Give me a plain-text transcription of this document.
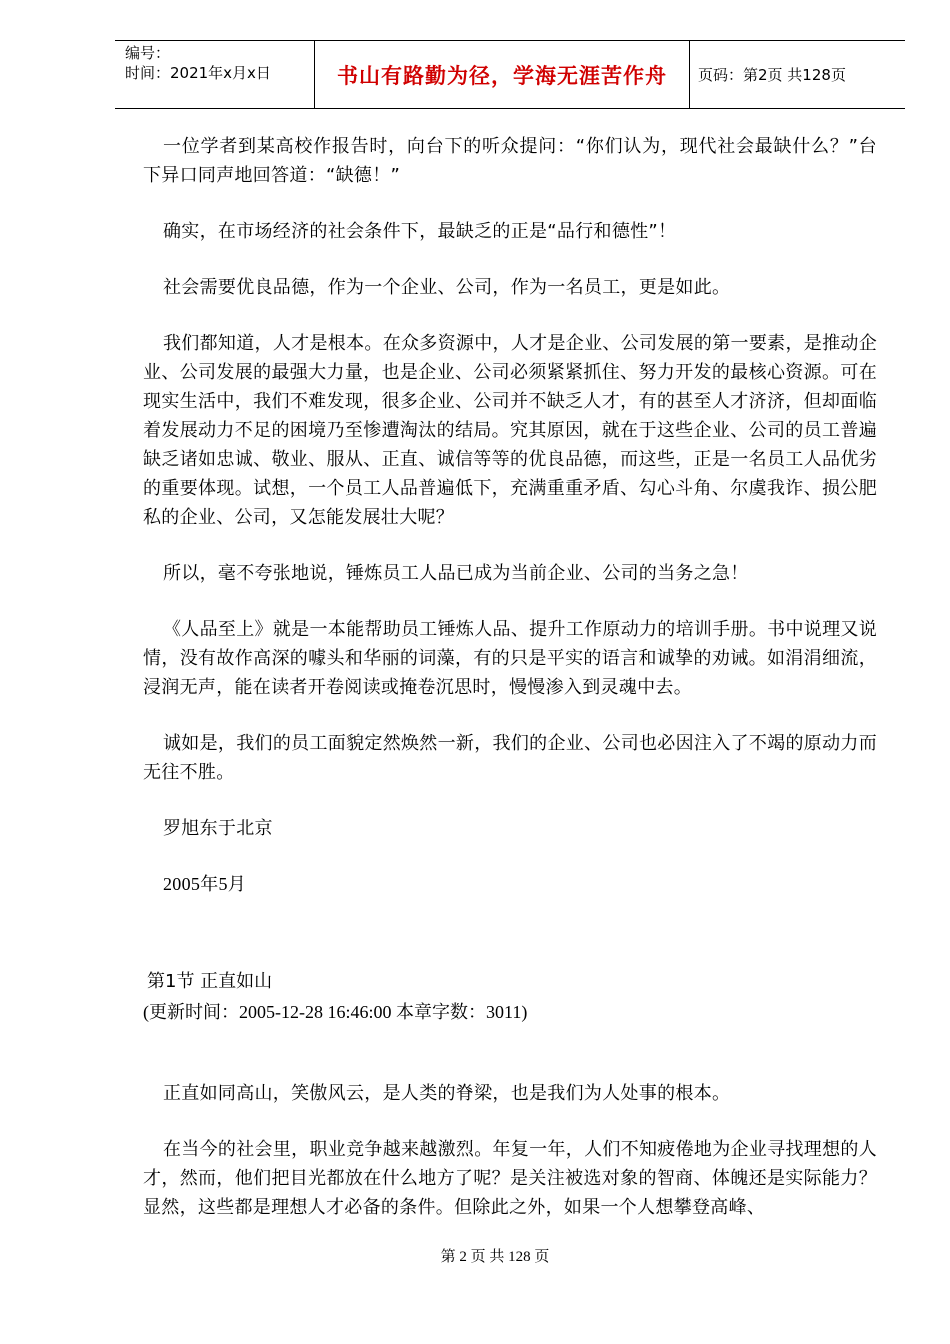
编号：
时间：2021年x月x日	书山有路勤为径，学海无涯苦作舟	页码：第2页 共128页

一位学者到某高校作报告时，向台下的听众提问：“你们认为，现代社会最缺什么？”台下异口同声地回答道：“缺德！”

确实，在市场经济的社会条件下，最缺乏的正是“品行和德性”！

社会需要优良品德，作为一个企业、公司，作为一名员工，更是如此。

我们都知道，人才是根本。在众多资源中，人才是企业、公司发展的第一要素，是推动企业、公司发展的最强大力量，也是企业、公司必须紧紧抓住、努力开发的最核心资源。可在现实生活中，我们不难发现，很多企业、公司并不缺乏人才，有的甚至人才济济，但却面临着发展动力不足的困境乃至惨遭淘汰的结局。究其原因，就在于这些企业、公司的员工普遍缺乏诸如忠诚、敬业、服从、正直、诚信等等的优良品德，而这些，正是一名员工人品优劣的重要体现。试想，一个员工人品普遍低下，充满重重矛盾、勾心斗角、尔虞我诈、损公肥私的企业、公司，又怎能发展壮大呢？

所以，毫不夸张地说，锤炼员工人品已成为当前企业、公司的当务之急！

《人品至上》就是一本能帮助员工锤炼人品、提升工作原动力的培训手册。书中说理又说情，没有故作高深的噱头和华丽的词藻，有的只是平实的语言和诚挚的劝诫。如涓涓细流，浸润无声，能在读者开卷阅读或掩卷沉思时，慢慢渗入到灵魂中去。

诚如是，我们的员工面貌定然焕然一新，我们的企业、公司也必因注入了不竭的原动力而无往不胜。

罗旭东于北京

2005年5月

第1节 正直如山
(更新时间：2005-12-28 16:46:00 本章字数：3011)

正直如同高山，笑傲风云，是人类的脊梁，也是我们为人处事的根本。

在当今的社会里，职业竞争越来越激烈。年复一年，人们不知疲倦地为企业寻找理想的人才，然而，他们把目光都放在什么地方了呢？是关注被选对象的智商、体魄还是实际能力？显然，这些都是理想人才必备的条件。但除此之外，如果一个人想攀登高峰、

第 2 页 共 128 页
